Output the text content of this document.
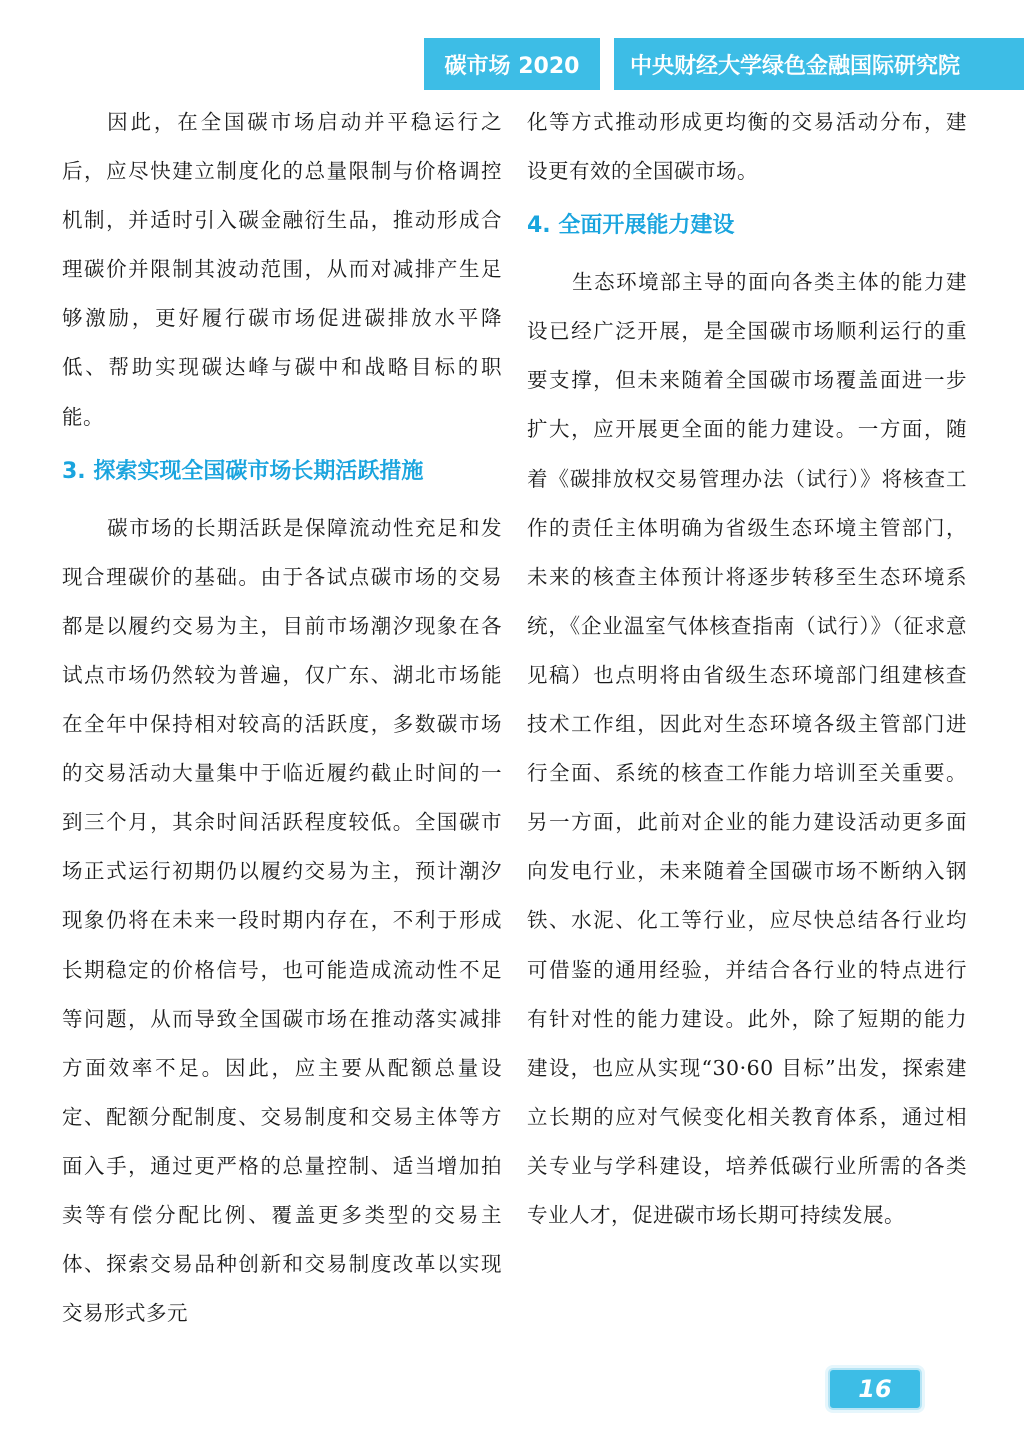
碳市场 2020	中央财经大学绿色金融国际研究院

因此，在全国碳市场启动并平稳运行之后，应尽快建立制度化的总量限制与价格调控机制，并适时引入碳金融衍生品，推动形成合理碳价并限制其波动范围，从而对减排产生足够激励，更好履行碳市场促进碳排放水平降低、帮助实现碳达峰与碳中和战略目标的职能。

3. 探索实现全国碳市场长期活跃措施

碳市场的长期活跃是保障流动性充足和发现合理碳价的基础。由于各试点碳市场的交易都是以履约交易为主，目前市场潮汐现象在各试点市场仍然较为普遍，仅广东、湖北市场能在全年中保持相对较高的活跃度，多数碳市场的交易活动大量集中于临近履约截止时间的一到三个月，其余时间活跃程度较低。全国碳市场正式运行初期仍以履约交易为主，预计潮汐现象仍将在未来一段时期内存在，不利于形成长期稳定的价格信号，也可能造成流动性不足等问题，从而导致全国碳市场在推动落实减排方面效率不足。因此，应主要从配额总量设定、配额分配制度、交易制度和交易主体等方面入手，通过更严格的总量控制、适当增加拍卖等有偿分配比例、覆盖更多类型的交易主体、探索交易品种创新和交易制度改革以实现交易形式多元

化等方式推动形成更均衡的交易活动分布，建设更有效的全国碳市场。

4. 全面开展能力建设

生态环境部主导的面向各类主体的能力建设已经广泛开展，是全国碳市场顺利运行的重要支撑，但未来随着全国碳市场覆盖面进一步扩大，应开展更全面的能力建设。一方面，随着《碳排放权交易管理办法（试行）》将核查工作的责任主体明确为省级生态环境主管部门，未来的核查主体预计将逐步转移至生态环境系统，《企业温室气体核查指南（试行）》（征求意见稿）也点明将由省级生态环境部门组建核查技术工作组，因此对生态环境各级主管部门进行全面、系统的核查工作能力培训至关重要。另一方面，此前对企业的能力建设活动更多面向发电行业，未来随着全国碳市场不断纳入钢铁、水泥、化工等行业，应尽快总结各行业均可借鉴的通用经验，并结合各行业的特点进行有针对性的能力建设。此外，除了短期的能力建设，也应从实现“30·60 目标”出发，探索建立长期的应对气候变化相关教育体系，通过相关专业与学科建设，培养低碳行业所需的各类专业人才，促进碳市场长期可持续发展。

16
